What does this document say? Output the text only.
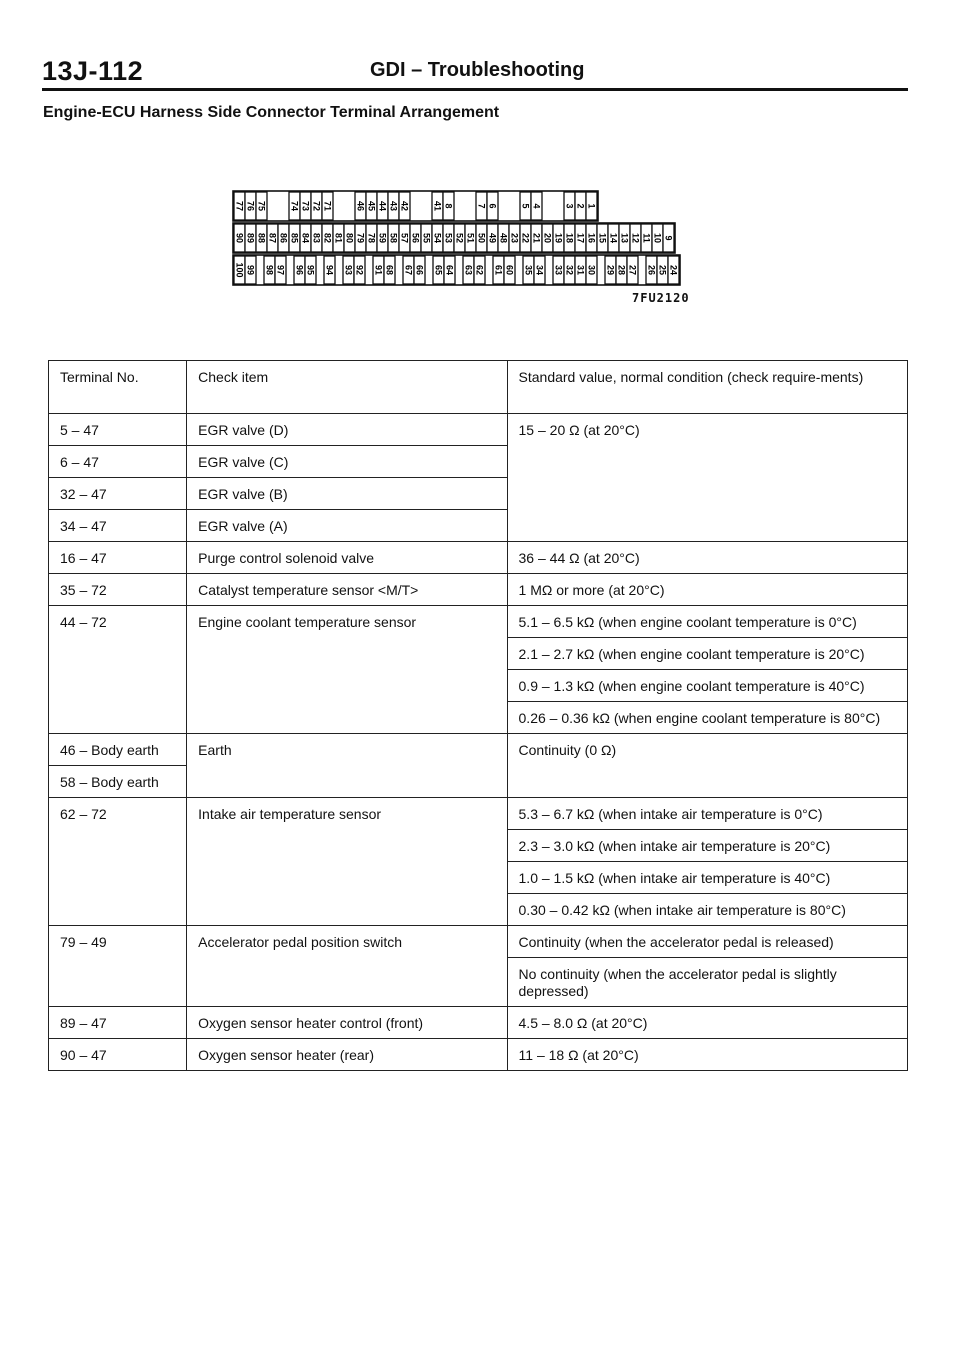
13J-112	GDI – Troubleshooting
Engine-ECU Harness Side Connector Terminal Arrangement
77 76 75	74 73 72 71	46 45 44 43 42	41 8	7 6	5 4	3 2 1
90 89 88 87 86 85 84 83 82 81 80 79 78 59 58 57 56 55 54 53 52 51 50 49 48 23 22 21 20 19 18 17 16 15 14 13 12 11 10 9
100 99 98 97 96 95 94 93 92 91 68 67 66 65 64 63 62 61 60 35 34 33 32 31 30 29 28 27 26 25 24
7FU2120
Terminal No.	Check item	Standard value, normal condition (check require-ments)
5 – 47	EGR valve (D)	15 – 20 Ω (at 20°C)
6 – 47	EGR valve (C)	
32 – 47	EGR valve (B)	
34 – 47	EGR valve (A)	
16 – 47	Purge control solenoid valve	36 – 44 Ω (at 20°C)
35 – 72	Catalyst temperature sensor <M/T>	1 MΩ or more (at 20°C)
44 – 72	Engine coolant temperature sensor	5.1 – 6.5 kΩ (when engine coolant temperature is 0°C)
		2.1 – 2.7 kΩ (when engine coolant temperature is 20°C)
		0.9 – 1.3 kΩ (when engine coolant temperature is 40°C)
		0.26 – 0.36 kΩ (when engine coolant temperature is 80°C)
46 – Body earth	Earth	Continuity (0 Ω)
58 – Body earth		
62 – 72	Intake air temperature sensor	5.3 – 6.7 kΩ (when intake air temperature is 0°C)
		2.3 – 3.0 kΩ (when intake air temperature is 20°C)
		1.0 – 1.5 kΩ (when intake air temperature is 40°C)
		0.30 – 0.42 kΩ (when intake air temperature is 80°C)
79 – 49	Accelerator pedal position switch	Continuity (when the accelerator pedal is released)
		No continuity (when the accelerator pedal is slightly depressed)
89 – 47	Oxygen sensor heater control (front)	4.5 – 8.0 Ω (at 20°C)
90 – 47	Oxygen sensor heater (rear)	11 – 18 Ω (at 20°C)
